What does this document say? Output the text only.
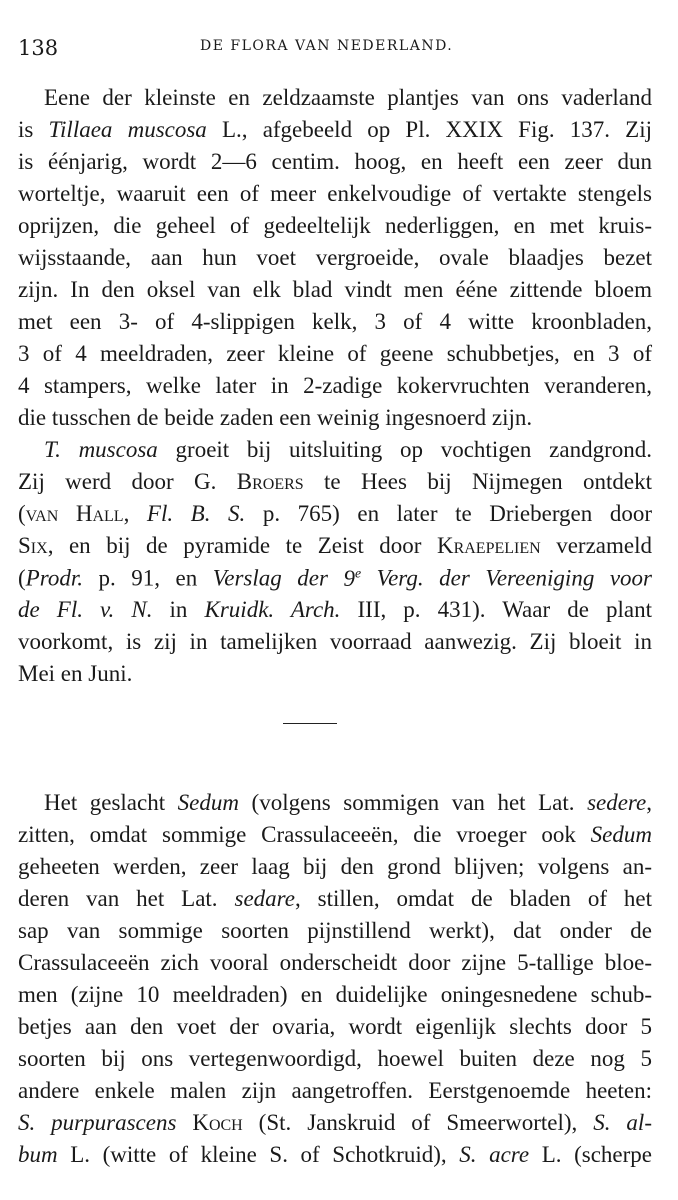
138	DE FLORA VAN NEDERLAND.
Eene der kleinste en zeldzaamste plantjes van ons vaderland
is Tillaea muscosa L., afgebeeld op Pl. XXIX Fig. 137. Zij
is éénjarig, wordt 2—6 centim. hoog, en heeft een zeer dun
worteltje, waaruit een of meer enkelvoudige of vertakte stengels
oprijzen, die geheel of gedeeltelijk nederliggen, en met kruis-
wijsstaande, aan hun voet vergroeide, ovale blaadjes bezet
zijn. In den oksel van elk blad vindt men ééne zittende bloem
met een 3- of 4-slippigen kelk, 3 of 4 witte kroonbladen,
3 of 4 meeldraden, zeer kleine of geene schubbetjes, en 3 of
4 stampers, welke later in 2-zadige kokervruchten veranderen,
die tusschen de beide zaden een weinig ingesnoerd zijn.
T. muscosa groeit bij uitsluiting op vochtigen zandgrond.
Zij werd door G. Broers te Hees bij Nijmegen ontdekt
(van Hall, Fl. B. S. p. 765) en later te Driebergen door
Six, en bij de pyramide te Zeist door Kraepelien verzameld
(Prodr. p. 91, en Verslag der 9e Verg. der Vereeniging voor
de Fl. v. N. in Kruidk. Arch. III, p. 431). Waar de plant
voorkomt, is zij in tamelijken voorraad aanwezig. Zij bloeit in
Mei en Juni.
Het geslacht Sedum (volgens sommigen van het Lat. sedere,
zitten, omdat sommige Crassulaceeën, die vroeger ook Sedum
geheeten werden, zeer laag bij den grond blijven; volgens an-
deren van het Lat. sedare, stillen, omdat de bladen of het
sap van sommige soorten pijnstillend werkt), dat onder de
Crassulaceeën zich vooral onderscheidt door zijne 5-tallige bloe-
men (zijne 10 meeldraden) en duidelijke oningesnedene schub-
betjes aan den voet der ovaria, wordt eigenlijk slechts door 5
soorten bij ons vertegenwoordigd, hoewel buiten deze nog 5
andere enkele malen zijn aangetroffen. Eerstgenoemde heeten:
S. purpurascens Koch (St. Janskruid of Smeerwortel), S. al-
bum L. (witte of kleine S. of Schotkruid), S. acre L. (scherpe
